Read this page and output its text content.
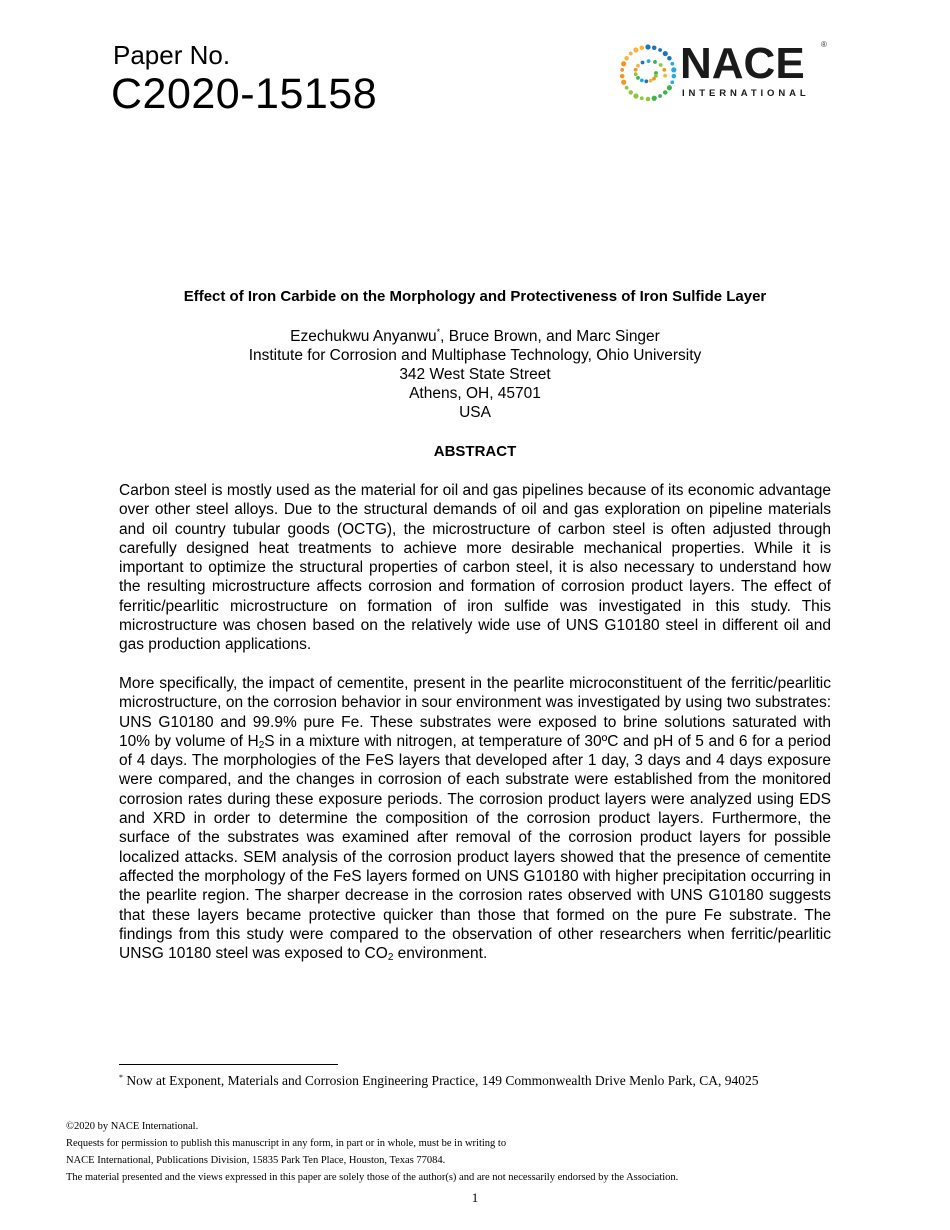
Paper No.
C2020-15158
NACE ®
INTERNATIONAL
Effect of Iron Carbide on the Morphology and Protectiveness of Iron Sulfide Layer
Ezechukwu Anyanwu*, Bruce Brown, and Marc Singer
Institute for Corrosion and Multiphase Technology, Ohio University
342 West State Street
Athens, OH, 45701
USA
ABSTRACT

Carbon steel is mostly used as the material for oil and gas pipelines because of its economic advantage over other steel alloys. Due to the structural demands of oil and gas exploration on pipeline materials and oil country tubular goods (OCTG), the microstructure of carbon steel is often adjusted through carefully designed heat treatments to achieve more desirable mechanical properties. While it is important to optimize the structural properties of carbon steel, it is also necessary to understand how the resulting microstructure affects corrosion and formation of corrosion product layers. The effect of ferritic/pearlitic microstructure on formation of iron sulfide was investigated in this study. This microstructure was chosen based on the relatively wide use of UNS G10180 steel in different oil and gas production applications.

More specifically, the impact of cementite, present in the pearlite microconstituent of the ferritic/pearlitic microstructure, on the corrosion behavior in sour environment was investigated by using two substrates: UNS G10180 and 99.9% pure Fe. These substrates were exposed to brine solutions saturated with 10% by volume of $H_2S$ in a mixture with nitrogen, at temperature of 30ºC and pH of 5 and 6 for a period of 4 days. The morphologies of the FeS layers that developed after 1 day, 3 days and 4 days exposure were compared, and the changes in corrosion of each substrate were established from the monitored corrosion rates during these exposure periods. The corrosion product layers were analyzed using EDS and XRD in order to determine the composition of the corrosion product layers. Furthermore, the surface of the substrates was examined after removal of the corrosion product layers for possible localized attacks. SEM analysis of the corrosion product layers showed that the presence of cementite affected the morphology of the FeS layers formed on UNS G10180 with higher precipitation occurring in the pearlite region. The sharper decrease in the corrosion rates observed with UNS G10180 suggests that these layers became protective quicker than those that formed on the pure Fe substrate. The findings from this study were compared to the observation of other researchers when ferritic/pearlitic UNSG 10180 steel was exposed to $CO_2$ environment.

* Now at Exponent, Materials and Corrosion Engineering Practice, 149 Commonwealth Drive Menlo Park, CA, 94025
©2020 by NACE International.
Requests for permission to publish this manuscript in any form, in part or in whole, must be in writing to
NACE International, Publications Division, 15835 Park Ten Place, Houston, Texas 77084.
The material presented and the views expressed in this paper are solely those of the author(s) and are not necessarily endorsed by the Association.
1
